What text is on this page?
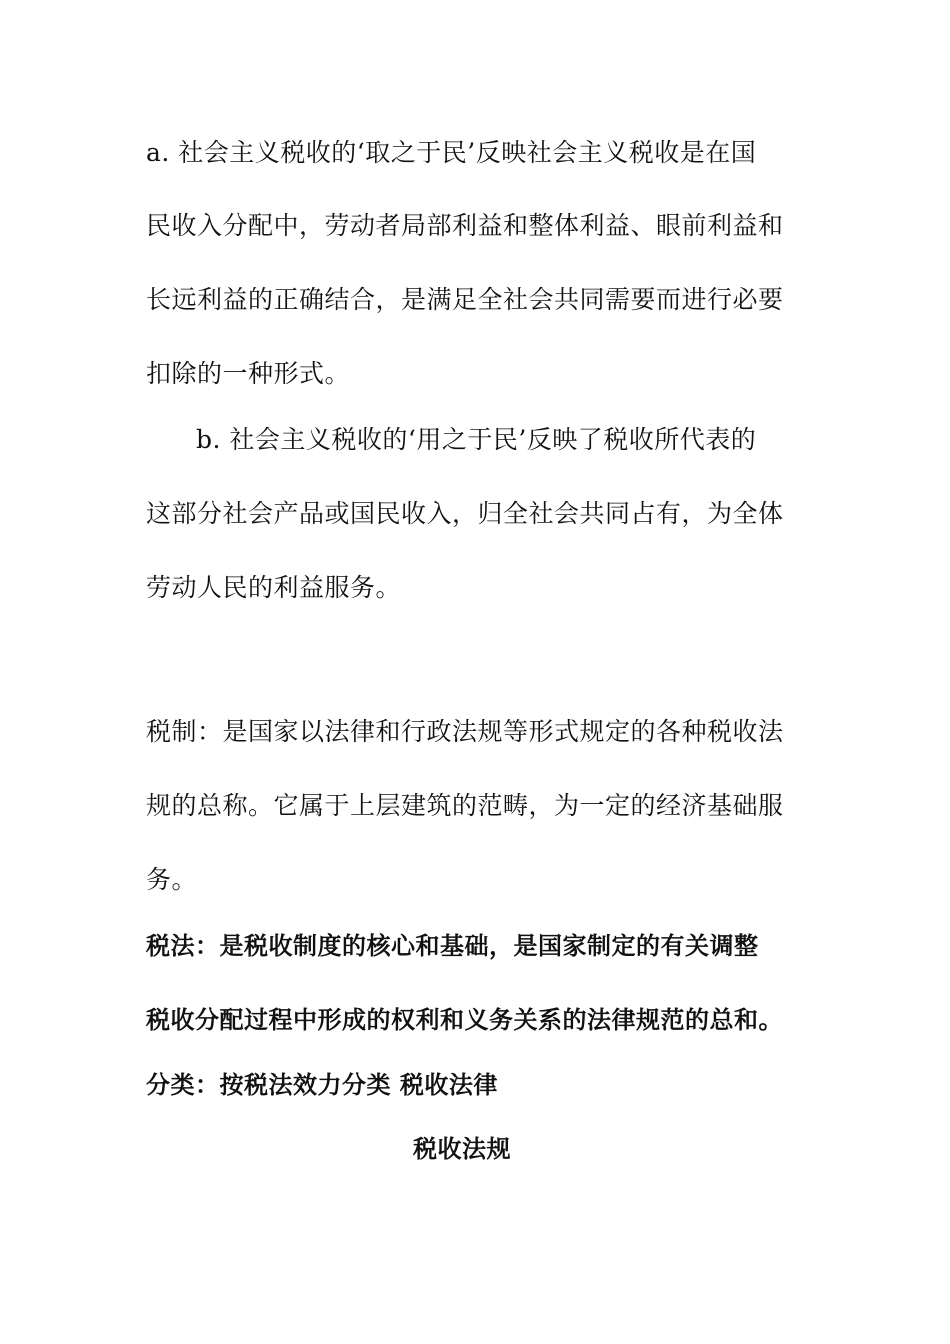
a. 社会主义税收的‘取之于民’反映社会主义税收是在国
民收入分配中，劳动者局部利益和整体利益、眼前利益和
长远利益的正确结合，是满足全社会共同需要而进行必要
扣除的一种形式。
b. 社会主义税收的‘用之于民’反映了税收所代表的
这部分社会产品或国民收入，归全社会共同占有，为全体
劳动人民的利益服务。
税制：是国家以法律和行政法规等形式规定的各种税收法
规的总称。它属于上层建筑的范畴，为一定的经济基础服
务。
税法：是税收制度的核心和基础，是国家制定的有关调整
税收分配过程中形成的权利和义务关系的法律规范的总和。
分类：按税法效力分类 税收法律
税收法规
